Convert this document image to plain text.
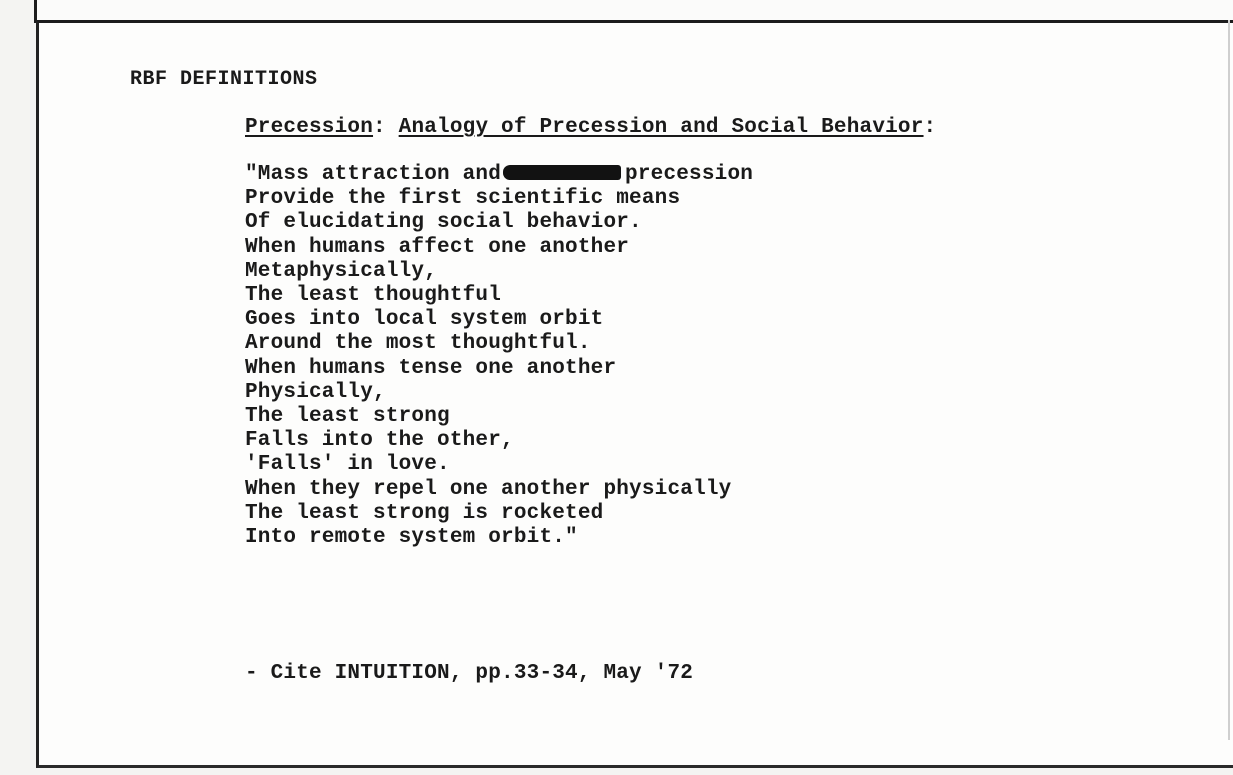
RBF DEFINITIONS

Precession: Analogy of Precession and Social Behavior:

"Mass attraction and	precession
Provide the first scientific means
Of elucidating social behavior.
When humans affect one another
Metaphysically,
The least thoughtful
Goes into local system orbit
Around the most thoughtful.
When humans tense one another
Physically,
The least strong
Falls into the other,
'Falls' in love.
When they repel one another physically
The least strong is rocketed
Into remote system orbit."

- Cite INTUITION, pp.33-34, May '72
